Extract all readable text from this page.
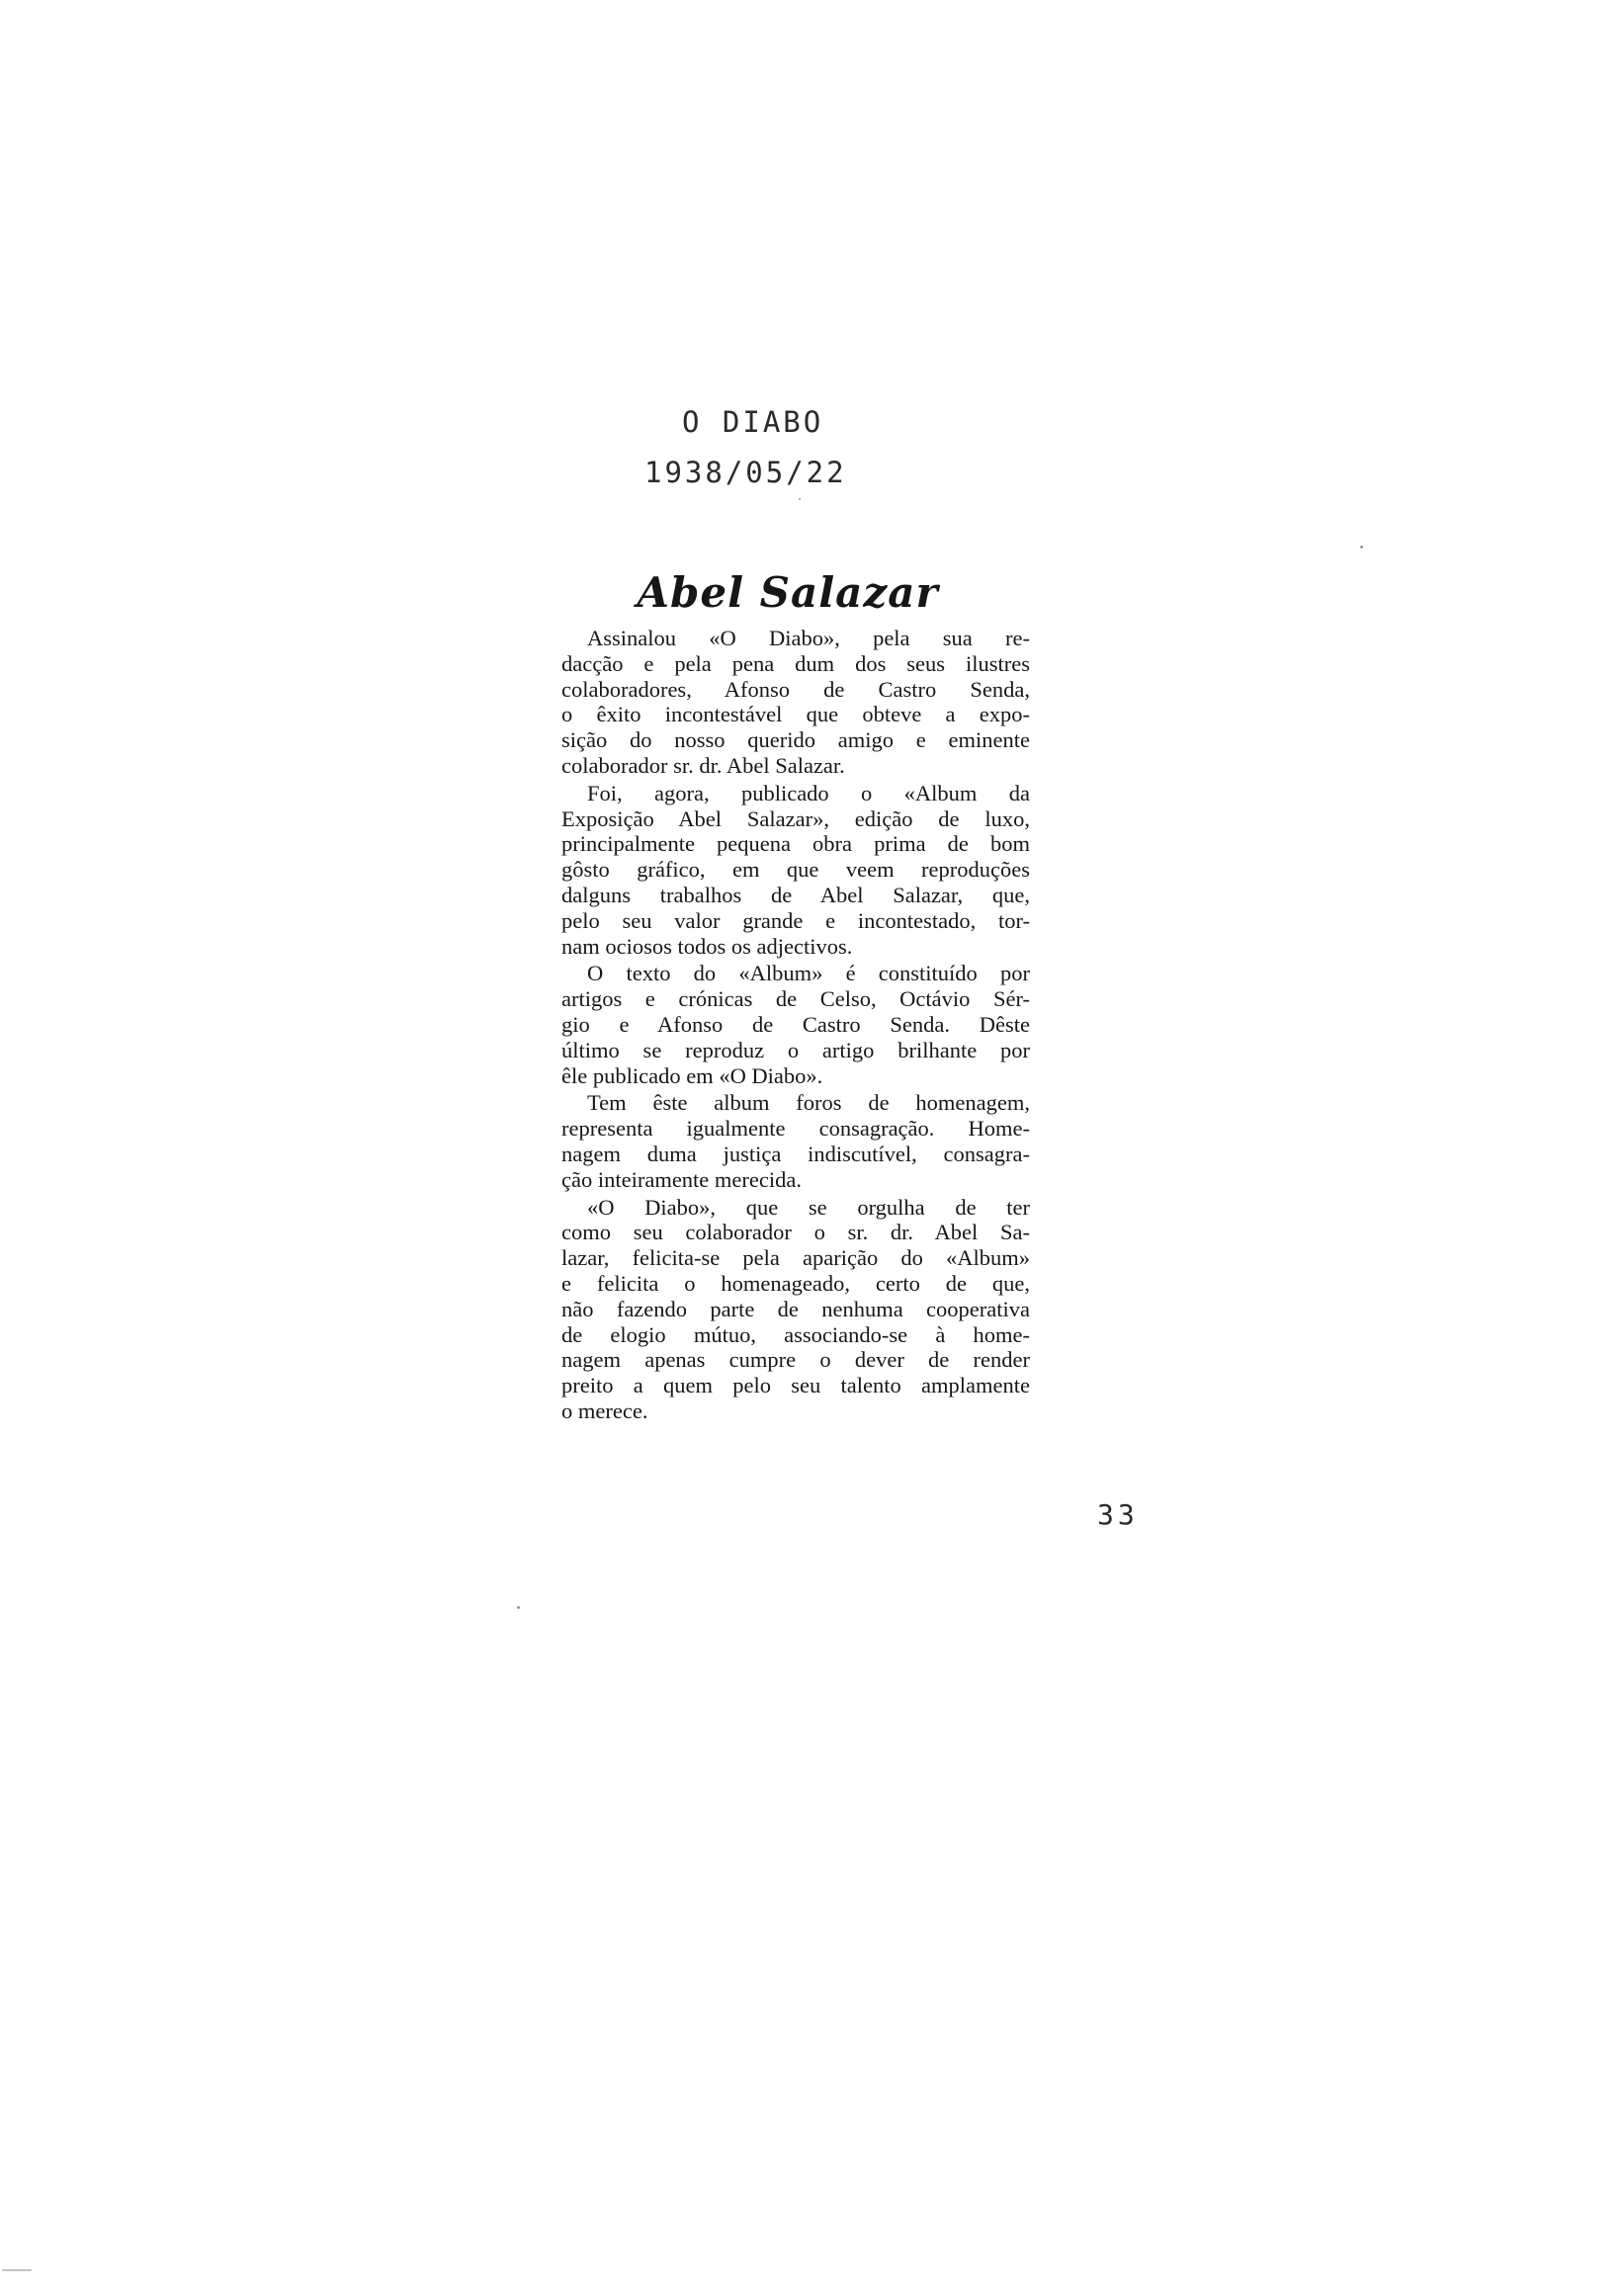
O DIABO
1938/05/22
Abel Salazar
Assinalou «O Diabo», pela sua re-
dacção e pela pena dum dos seus ilustres
colaboradores, Afonso de Castro Senda,
o êxito incontestável que obteve a expo-
sição do nosso querido amigo e eminente
colaborador sr. dr. Abel Salazar.
Foi, agora, publicado o «Album da
Exposição Abel Salazar», edição de luxo,
principalmente pequena obra prima de bom
gôsto gráfico, em que veem reproduções
dalguns trabalhos de Abel Salazar, que,
pelo seu valor grande e incontestado, tor-
nam ociosos todos os adjectivos.
O texto do «Album» é constituído por
artigos e crónicas de Celso, Octávio Sér-
gio e Afonso de Castro Senda. Dêste
último se reproduz o artigo brilhante por
êle publicado em «O Diabo».
Tem êste album foros de homenagem,
representa igualmente consagração. Home-
nagem duma justiça indiscutível, consagra-
ção inteiramente merecida.
«O Diabo», que se orgulha de ter
como seu colaborador o sr. dr. Abel Sa-
lazar, felicita-se pela aparição do «Album»
e felicita o homenageado, certo de que,
não fazendo parte de nenhuma cooperativa
de elogio mútuo, associando-se à home-
nagem apenas cumpre o dever de render
preito a quem pelo seu talento amplamente
o merece.
33
